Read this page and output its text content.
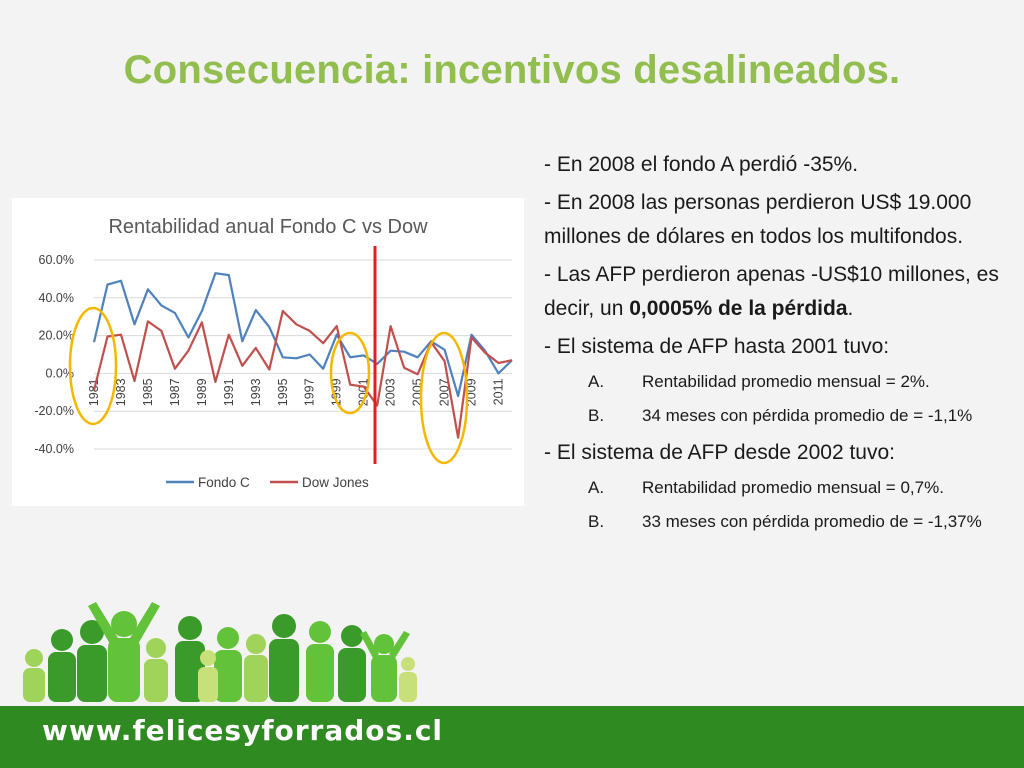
Consecuencia: incentivos desalineados.
Rentabilidad anual Fondo C vs Dow
60.0%
40.0%
20.0%
0.0%
-20.0%
-40.0%
1981 1983 1985 1987 1989 1991 1993 1995 1997 1999 2001 2003 2005 2007 2009 2011
Fondo C	Dow Jones

- En 2008 el fondo A perdió -35%.

- En 2008 las personas perdieron US$ 19.000 millones de dólares en todos los multifondos.

- Las AFP perdieron apenas -US$10 millones, es decir, un 0,0005% de la pérdida.

- El sistema de AFP hasta 2001 tuvo:

A.	Rentabilidad promedio mensual = 2%.
B.	34 meses con pérdida promedio de = -1,1%

- El sistema de AFP desde 2002 tuvo:

A.	Rentabilidad promedio mensual = 0,7%.
B.	33 meses con pérdida promedio de = -1,37%
www.felicesyforrados.cl
